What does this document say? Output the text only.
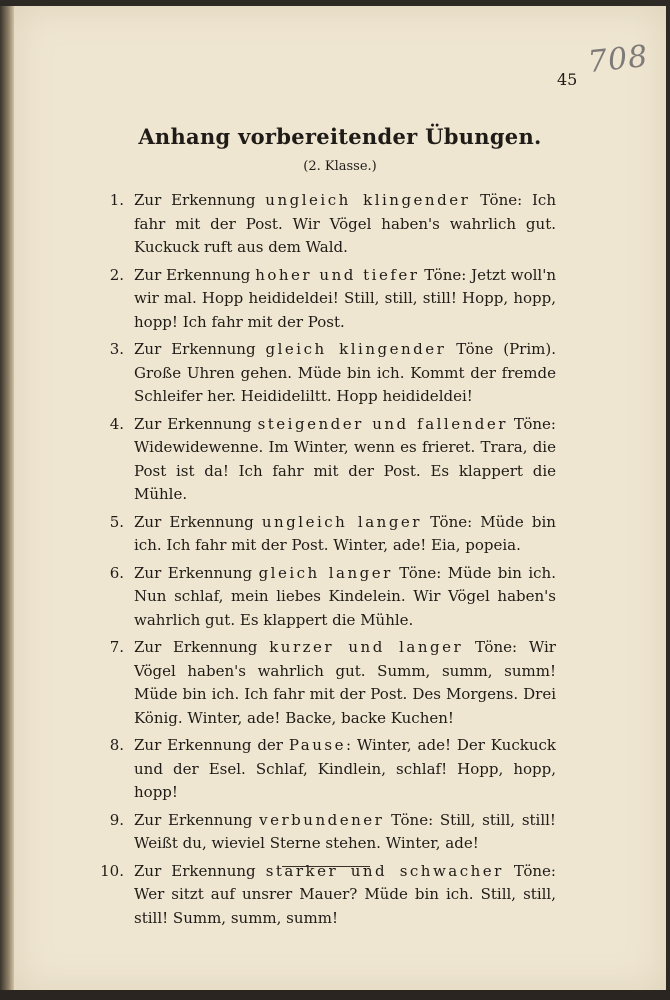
708
45
Anhang vorbereitender Übungen.
(2. Klasse.)
1. Zur Erkennung ungleich klingender Töne: Ich fahr mit der Post. Wir Vögel haben's wahrlich gut. Kuckuck ruft aus dem Wald.
2. Zur Erkennung hoher und tiefer Töne: Jetzt woll'n wir mal. Hopp heidideldei! Still, still, still! Hopp, hopp, hopp! Ich fahr mit der Post.
3. Zur Erkennung gleich klingender Töne (Prim). Große Uhren gehen. Müde bin ich. Kommt der fremde Schleifer her. Heidideliltt. Hopp heidideldei!
4. Zur Erkennung steigender und fallender Töne: Widewidewenne. Im Winter, wenn es frieret. Trara, die Post ist da! Ich fahr mit der Post. Es klappert die Mühle.
5. Zur Erkennung ungleich langer Töne: Müde bin ich. Ich fahr mit der Post. Winter, ade! Eia, popeia.
6. Zur Erkennung gleich langer Töne: Müde bin ich. Nun schlaf, mein liebes Kindelein. Wir Vögel haben's wahrlich gut. Es klappert die Mühle.
7. Zur Erkennung kurzer und langer Töne: Wir Vögel haben's wahrlich gut. Summ, summ, summ! Müde bin ich. Ich fahr mit der Post. Des Morgens. Drei König. Winter, ade! Backe, backe Kuchen!
8. Zur Erkennung der Pause: Winter, ade! Der Kuckuck und der Esel. Schlaf, Kindlein, schlaf! Hopp, hopp, hopp!
9. Zur Erkennung verbundener Töne: Still, still, still! Weißt du, wieviel Sterne stehen. Winter, ade!
10. Zur Erkennung starker und schwacher Töne: Wer sitzt auf unsrer Mauer? Müde bin ich. Still, still, still! Summ, summ, summ!
